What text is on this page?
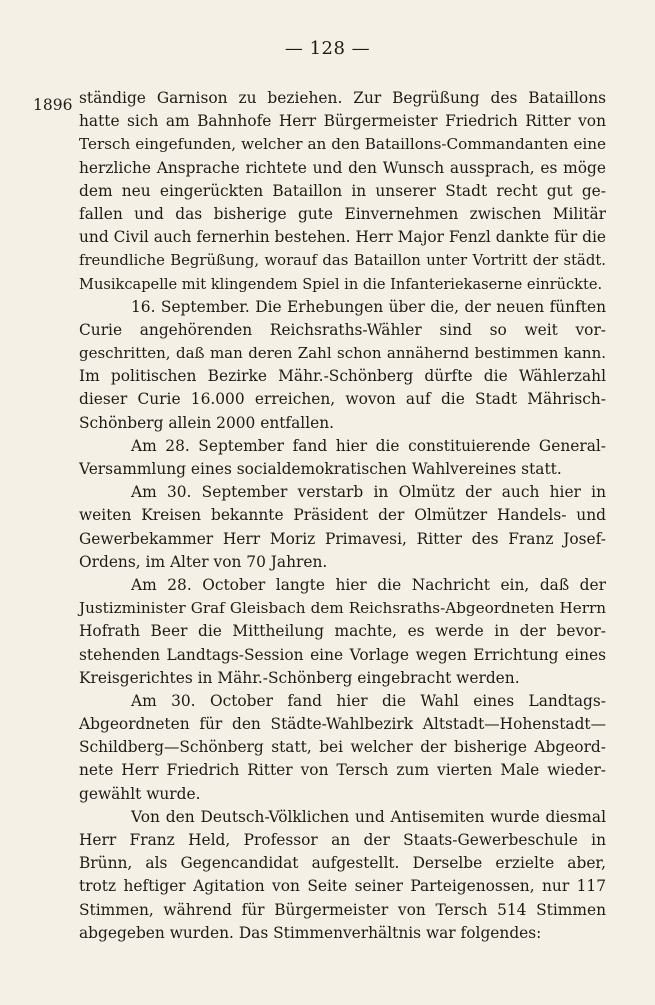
— 128 —
1896 ständige Garnison zu beziehen. Zur Begrüßung des Bataillons
hatte sich am Bahnhofe Herr Bürgermeister Friedrich Ritter von
Tersch eingefunden, welcher an den Bataillons-Commandanten eine
herzliche Ansprache richtete und den Wunsch aussprach, es möge
dem neu eingerückten Bataillon in unserer Stadt recht gut ge-
fallen und das bisherige gute Einvernehmen zwischen Militär
und Civil auch fernerhin bestehen. Herr Major Fenzl dankte für die
freundliche Begrüßung, worauf das Bataillon unter Vortritt der städt.
Musikcapelle mit klingendem Spiel in die Infanteriekaserne einrückte.
16. September. Die Erhebungen über die, der neuen fünften
Curie angehörenden Reichsraths-Wähler sind so weit vor-
geschritten, daß man deren Zahl schon annähernd bestimmen kann.
Im politischen Bezirke Mähr.-Schönberg dürfte die Wählerzahl
dieser Curie 16.000 erreichen, wovon auf die Stadt Mährisch-
Schönberg allein 2000 entfallen.
Am 28. September fand hier die constituierende General-
Versammlung eines socialdemokratischen Wahlvereines statt.
Am 30. September verstarb in Olmütz der auch hier in
weiten Kreisen bekannte Präsident der Olmützer Handels- und
Gewerbekammer Herr Moriz Primavesi, Ritter des Franz Josef-
Ordens, im Alter von 70 Jahren.
Am 28. October langte hier die Nachricht ein, daß der
Justizminister Graf Gleisbach dem Reichsraths-Abgeordneten Herrn
Hofrath Beer die Mittheilung machte, es werde in der bevor-
stehenden Landtags-Session eine Vorlage wegen Errichtung eines
Kreisgerichtes in Mähr.-Schönberg eingebracht werden.
Am 30. October fand hier die Wahl eines Landtags-
Abgeordneten für den Städte-Wahlbezirk Altstadt—Hohenstadt—
Schildberg—Schönberg statt, bei welcher der bisherige Abgeord-
nete Herr Friedrich Ritter von Tersch zum vierten Male wieder-
gewählt wurde.
Von den Deutsch-Völklichen und Antisemiten wurde diesmal
Herr Franz Held, Professor an der Staats-Gewerbeschule in
Brünn, als Gegencandidat aufgestellt. Derselbe erzielte aber,
trotz heftiger Agitation von Seite seiner Parteigenossen, nur 117
Stimmen, während für Bürgermeister von Tersch 514 Stimmen
abgegeben wurden. Das Stimmenverhältnis war folgendes:
